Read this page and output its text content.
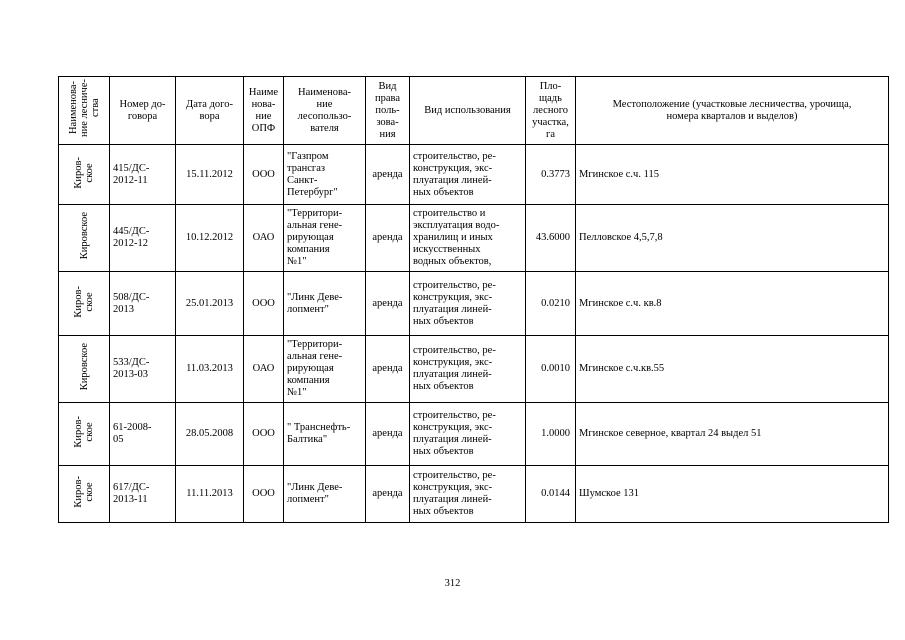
Наименова-
ние лесниче-
ства	Номер до-
говора	Дата дого-
вора	Наиме
нова-
ние
ОПФ	Наименова-
ние
лесопользо-
вателя	Вид
права
поль-
зова-
ния	Вид использования	Пло-
щадь
лесного
участка,
га	Местоположение (участковые лесничества, урочища,
номера кварталов и выделов)
Киров-
ское	415/ДС-
2012-11	15.11.2012	ООО	"Газпром
трансгаз
Санкт-
Петербург"	аренда	строительство, ре-
конструкция, экс-
плуатация линей-
ных объектов	0.3773	Мгинское с.ч. 115
Кировское	445/ДС-
2012-12	10.12.2012	ОАО	"Территори-
альная гене-
рирующая
компания
№1"	аренда	строительство и
эксплуатация водо-
хранилищ и иных
искусственных
водных объектов,	43.6000	Пелловское 4,5,7,8
Киров-
ское	508/ДС-
2013	25.01.2013	ООО	"Линк Деве-
лопмент"	аренда	строительство, ре-
конструкция, экс-
плуатация линей-
ных объектов	0.0210	Мгинское с.ч. кв.8
Кировское	533/ДС-
2013-03	11.03.2013	ОАО	"Территори-
альная гене-
рирующая
компания
№1"	аренда	строительство, ре-
конструкция, экс-
плуатация линей-
ных объектов	0.0010	Мгинское с.ч.кв.55
Киров-
ское	61-2008-
05	28.05.2008	ООО	" Транснефть-
Балтика"	аренда	строительство, ре-
конструкция, экс-
плуатация линей-
ных объектов	1.0000	Мгинское северное, квартал 24 выдел 51
Киров-
ское	617/ДС-
2013-11	11.11.2013	ООО	"Линк Деве-
лопмент"	аренда	строительство, ре-
конструкция, экс-
плуатация линей-
ных объектов	0.0144	Шумское 131
312
